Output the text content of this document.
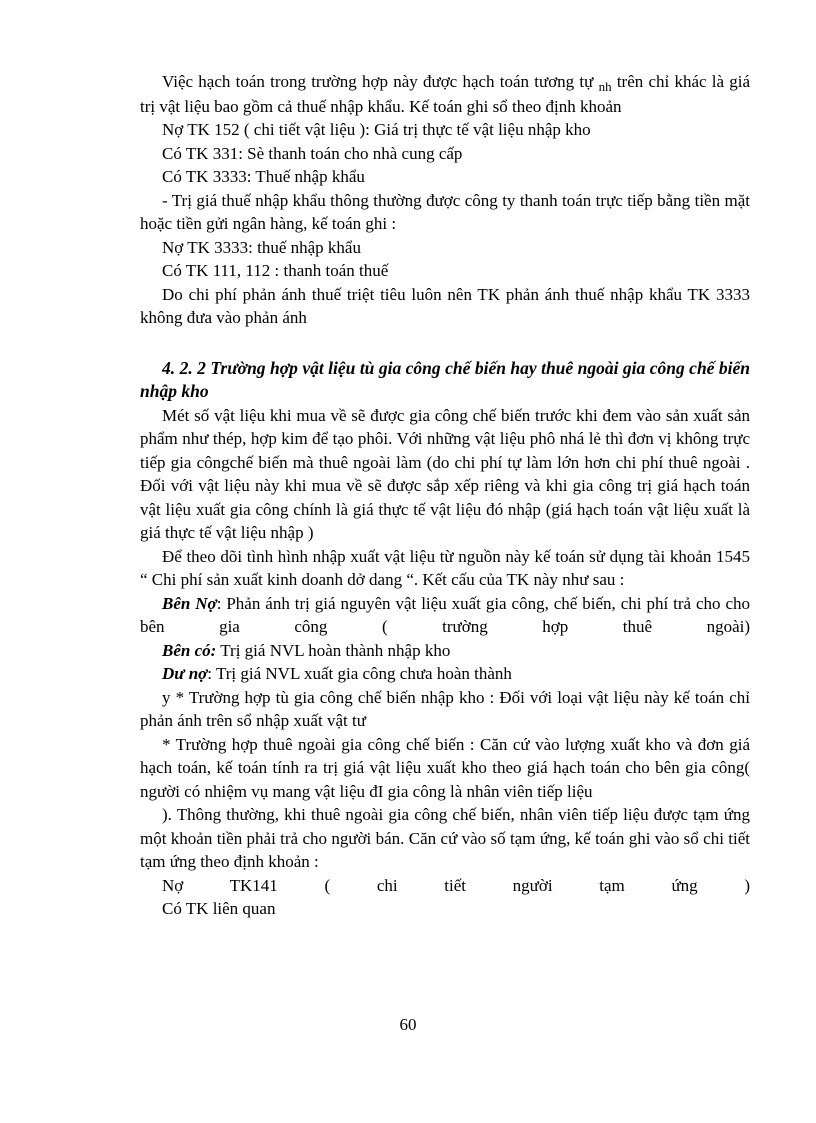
Việc hạch toán trong trường hợp này được hạch toán tương tự $_{nh}$ trên chỉ khác là giá trị vật liệu bao gồm cả thuế nhập khẩu. Kế toán ghi sổ theo định khoản

Nợ TK 152 ( chi tiết vật liệu ): Giá trị thực tế vật liệu nhập kho

Có TK 331: Sè thanh toán cho nhà cung cấp

Có TK 3333: Thuế nhập khẩu

- Trị giá thuế nhập khẩu thông thường được công ty thanh toán trực tiếp bằng tiền mặt hoặc tiền gửi ngân hàng, kế toán ghi :

Nợ TK 3333: thuế nhập khẩu

Có TK 111, 112 : thanh toán thuế

Do chi phí phản ánh thuế triệt tiêu luôn nên TK phản ánh thuế nhập khẩu TK 3333 không đưa vào phản ánh

4. 2. 2 Trường hợp vật liệu tù gia công chế biến hay thuê ngoài gia công chế biến nhập kho

Mét số vật liệu khi mua về sẽ được gia công chế biến trước khi đem vào sản xuất sản phẩm như thép, hợp kim để tạo phôi. Với những vật liệu phô nhá lẻ thì đơn vị không trực tiếp gia côngchế biến mà thuê ngoài làm (do chi phí tự làm lớn hơn chi phí thuê ngoài . Đối với vật liệu này khi mua về sẽ được sắp xếp riêng và khi gia công trị giá hạch toán vật liệu xuất gia công chính là giá thực tế vật liệu đó nhập (giá hạch toán vật liệu xuất là giá thực tế vật liệu nhập )

Để theo dõi tình hình nhập xuất vật liệu từ nguồn này kế toán sử dụng tài khoản 1545 “ Chi phí sản xuất kinh doanh dở dang “. Kết cấu của TK này như sau :

Bên Nợ: Phản ánh trị giá nguyên vật liệu xuất gia công, chế biến, chi phí trả cho cho bên gia công ( trường hợp thuê ngoài)

Bên có: Trị giá NVL hoàn thành nhập kho

Dư nợ: Trị giá NVL xuất gia công chưa hoàn thành

y * Trường hợp tù gia công chế biến nhập kho : Đối với loại vật liệu này kế toán chỉ phản ánh trên sổ nhập xuất vật tư

* Trường hợp thuê ngoài gia công chế biến : Căn cứ vào lượng xuất kho và đơn giá hạch toán, kế toán tính ra trị giá vật liệu xuất kho theo giá hạch toán cho bên gia công( người có nhiệm vụ mang vật liệu đI gia công là nhân viên tiếp liệu

). Thông thường, khi thuê ngoài gia công chế biến, nhân viên tiếp liệu được tạm ứng một khoản tiền phải trả cho người bán. Căn cứ vào số tạm ứng, kế toán ghi vào sổ chi tiết tạm ứng theo định khoản :

Nợ TK141 ( chi tiết người tạm ứng )

Có TK liên quan

60
